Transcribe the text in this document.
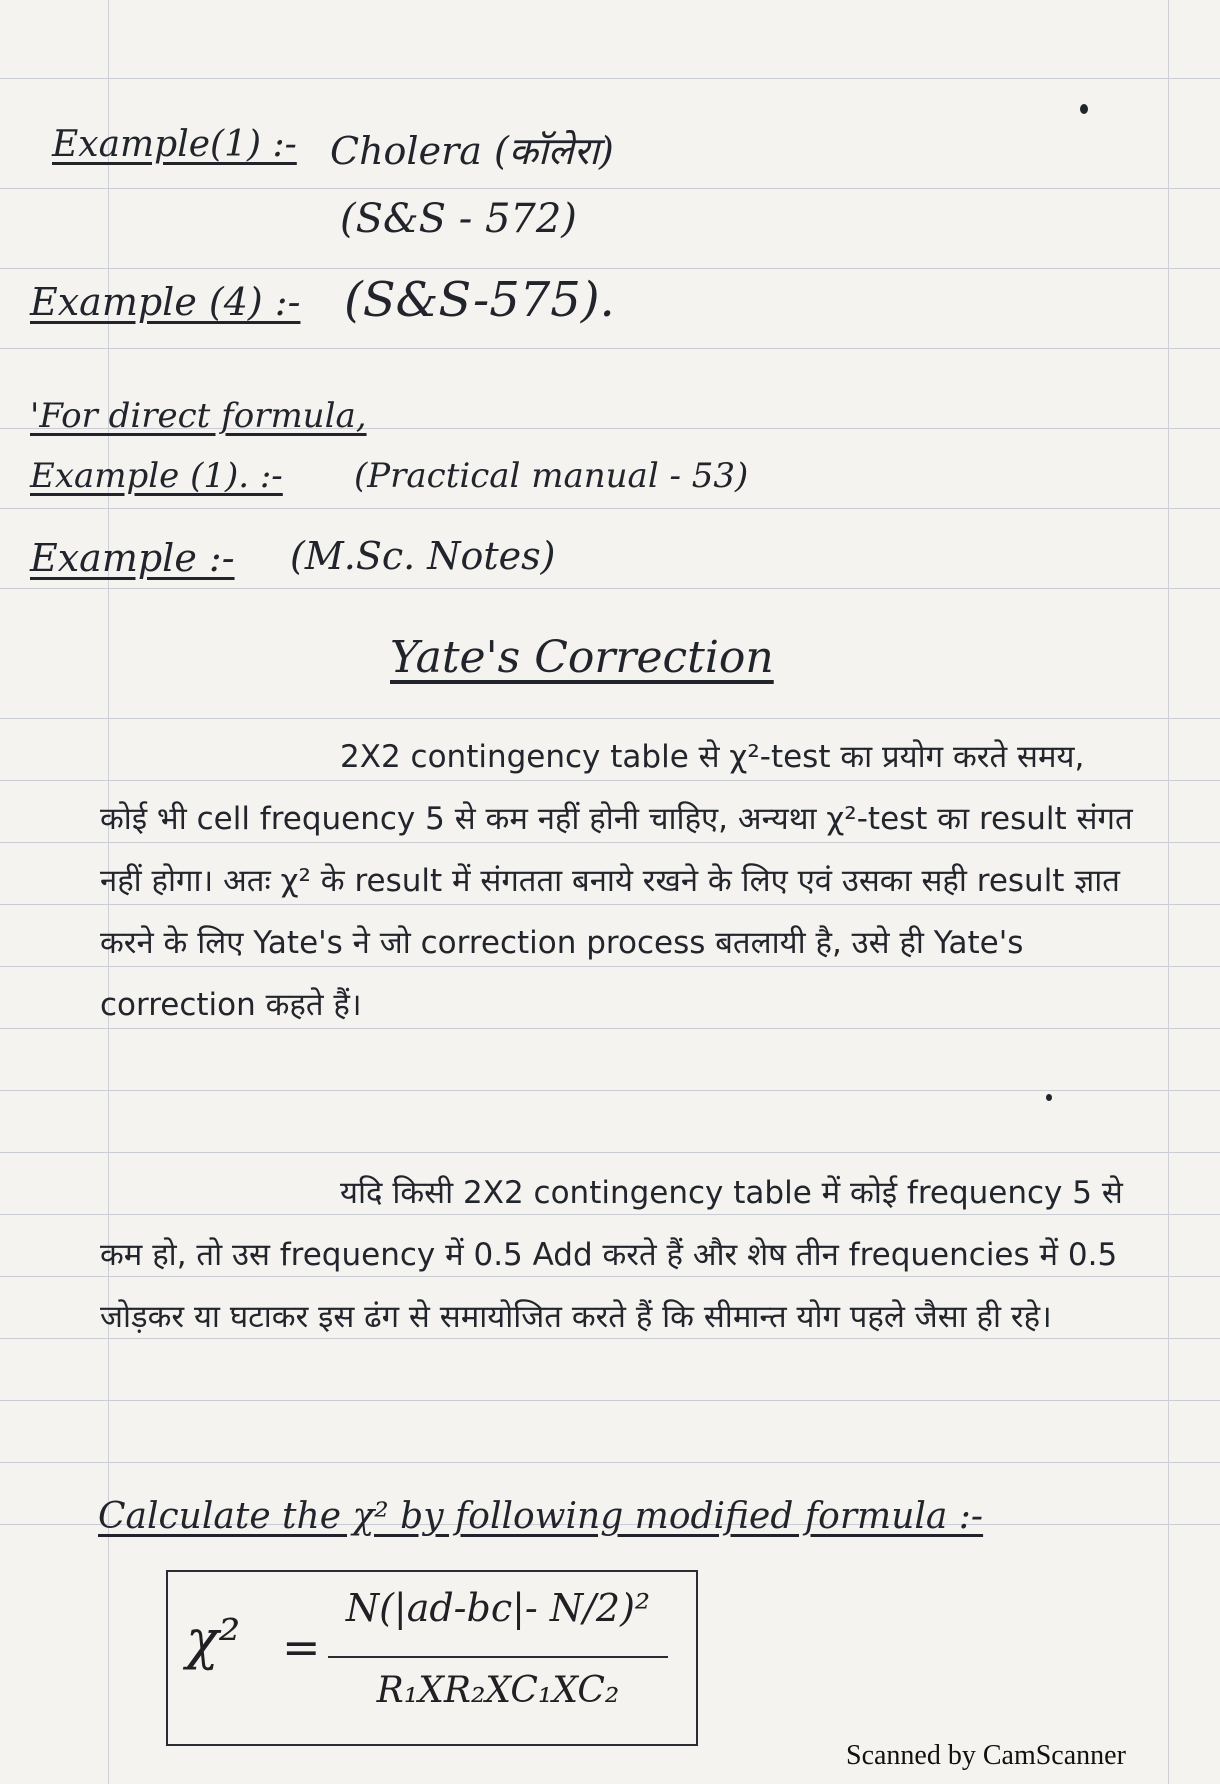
Example(1) :- Cholera (कॉलेरा)
(S&S - 572)
Example (4) :- (S&S-575).
'For direct formula,
Example (1). :- (Practical manual - 53)
Example :- (M.Sc. Notes)
Yate's Correction
2X2 contingency table से χ²-test का प्रयोग करते समय, कोई भी cell frequency 5 से कम नहीं होनी चाहिए, अन्यथा χ²-test का result संगत नहीं होगा। अतः χ² के result में संगतता बनाये रखने के लिए एवं उसका सही result ज्ञात करने के लिए Yate's ने जो correction process बतलायी है, उसे ही Yate's correction कहते हैं।
यदि किसी 2X2 contingency table में कोई frequency 5 से कम हो, तो उस frequency में 0.5 Add करते हैं और शेष तीन frequencies में 0.5 जोड़कर या घटाकर इस ढंग से समायोजित करते हैं कि सीमान्त योग पहले जैसा ही रहे।
Calculate the χ² by following modified formula :-
χ² =
N(|ad-bc|- N/2)²
R₁XR₂XC₁XC₂
Scanned by CamScanner
